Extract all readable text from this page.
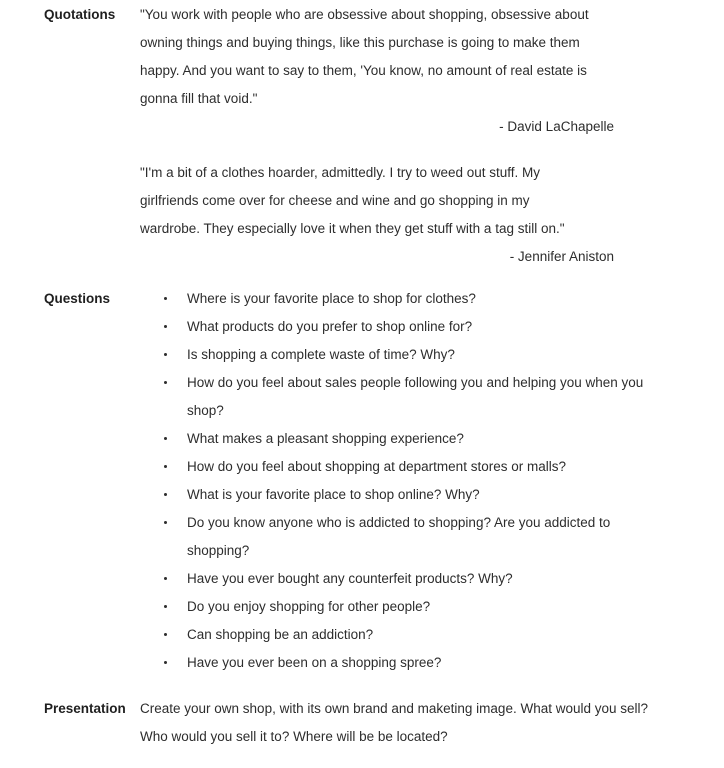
Quotations	"You work with people who are obsessive about shopping, obsessive about
owning things and buying things, like this purchase is going to make them
happy. And you want to say to them, 'You know, no amount of real estate is
gonna fill that void."
- David LaChapelle
"I'm a bit of a clothes hoarder, admittedly. I try to weed out stuff. My
girlfriends come over for cheese and wine and go shopping in my
wardrobe. They especially love it when they get stuff with a tag still on."
- Jennifer Aniston
Questions	Where is your favorite place to shop for clothes?
What products do you prefer to shop online for?
Is shopping a complete waste of time? Why?
How do you feel about sales people following you and helping you when you
shop?
What makes a pleasant shopping experience?
How do you feel about shopping at department stores or malls?
What is your favorite place to shop online? Why?
Do you know anyone who is addicted to shopping? Are you addicted to
shopping?
Have you ever bought any counterfeit products? Why?
Do you enjoy shopping for other people?
Can shopping be an addiction?
Have you ever been on a shopping spree?
Presentation	Create your own shop, with its own brand and maketing image. What would you sell?
Who would you sell it to? Where will be be located?
